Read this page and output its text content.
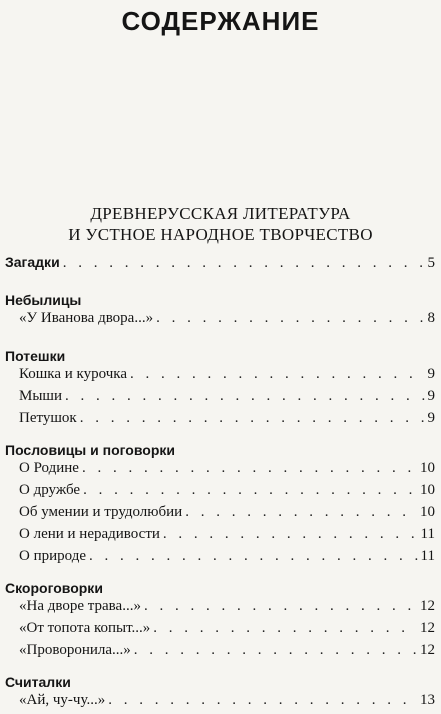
СОДЕРЖАНИЕ
ДРЕВНЕРУССКАЯ ЛИТЕРАТУРА
И УСТНОЕ НАРОДНОЕ ТВОРЧЕСТВО
Загадки . . .	5
Небылицы
«У Иванова двора...» . . .	8
Потешки
Кошка и курочка . . .	9
Мыши . . .	9
Петушок . . .	9
Пословицы и поговорки
О Родине . . .	10
О дружбе . . .	10
Об умении и трудолюбии . . .	10
О лени и нерадивости . . .	11
О природе . . .	11
Скороговорки
«На дворе трава...» . . .	12
«От топота копыт...» . . .	12
«Проворонила...» . . .	12
Считалки
«Ай, чу-чу...» . . .	13
